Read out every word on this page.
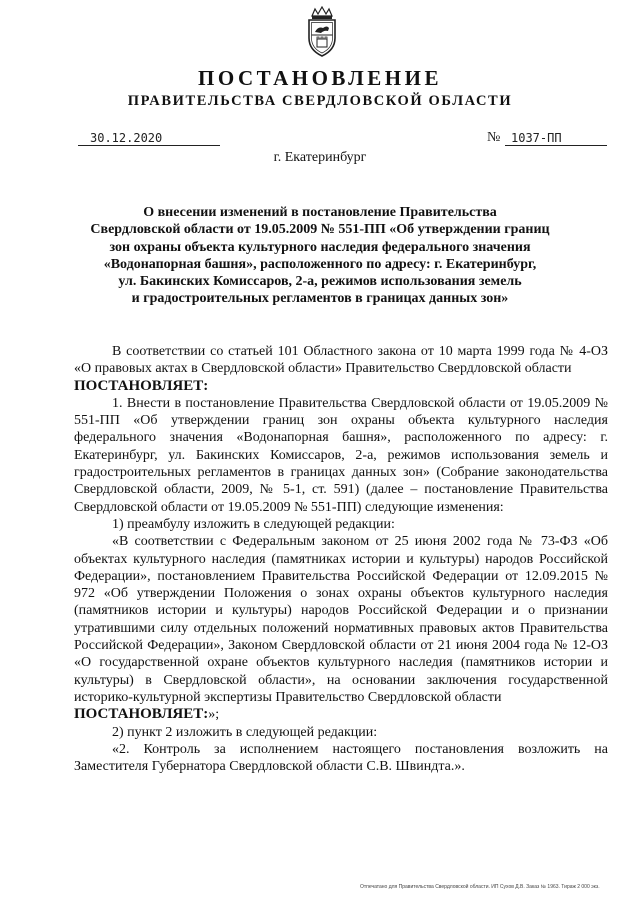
ПОСТАНОВЛЕНИЕ
ПРАВИТЕЛЬСТВА СВЕРДЛОВСКОЙ ОБЛАСТИ
30.12.2020	№ 1037-ПП
г. Екатеринбург
О внесении изменений в постановление Правительства
Свердловской области от 19.05.2009 № 551-ПП «Об утверждении границ
зон охраны объекта культурного наследия федерального значения
«Водонапорная башня», расположенного по адресу: г. Екатеринбург,
ул. Бакинских Комиссаров, 2-а, режимов использования земель
и градостроительных регламентов в границах данных зон»

В соответствии со статьей 101 Областного закона от 10 марта 1999 года № 4-ОЗ «О правовых актах в Свердловской области» Правительство Свердловской области

ПОСТАНОВЛЯЕТ:

1. Внести в постановление Правительства Свердловской области от 19.05.2009 № 551-ПП «Об утверждении границ зон охраны объекта культурного наследия федерального значения «Водонапорная башня», расположенного по адресу: г. Екатеринбург, ул. Бакинских Комиссаров, 2-а, режимов использования земель и градостроительных регламентов в границах данных зон» (Собрание законодательства Свердловской области, 2009, № 5-1, ст. 591) (далее – постановление Правительства Свердловской области от 19.05.2009 № 551-ПП) следующие изменения:

1) преамбулу изложить в следующей редакции:

«В соответствии с Федеральным законом от 25 июня 2002 года № 73-ФЗ «Об объектах культурного наследия (памятниках истории и культуры) народов Российской Федерации», постановлением Правительства Российской Федерации от 12.09.2015 № 972 «Об утверждении Положения о зонах охраны объектов культурного наследия (памятников истории и культуры) народов Российской Федерации и о признании утратившими силу отдельных положений нормативных правовых актов Правительства Российской Федерации», Законом Свердловской области от 21 июня 2004 года № 12-ОЗ «О государственной охране объектов культурного наследия (памятников истории и культуры) в Свердловской области», на основании заключения государственной историко-культурной экспертизы Правительство Свердловской области

ПОСТАНОВЛЯЕТ:»;

2) пункт 2 изложить в следующей редакции:

«2. Контроль за исполнением настоящего постановления возложить на Заместителя Губернатора Свердловской области С.В. Швиндта.».

Отпечатано для Правительства Свердловской области. ИП Сухов Д.В. Заказ № 1963. Тираж 2 000 экз.
